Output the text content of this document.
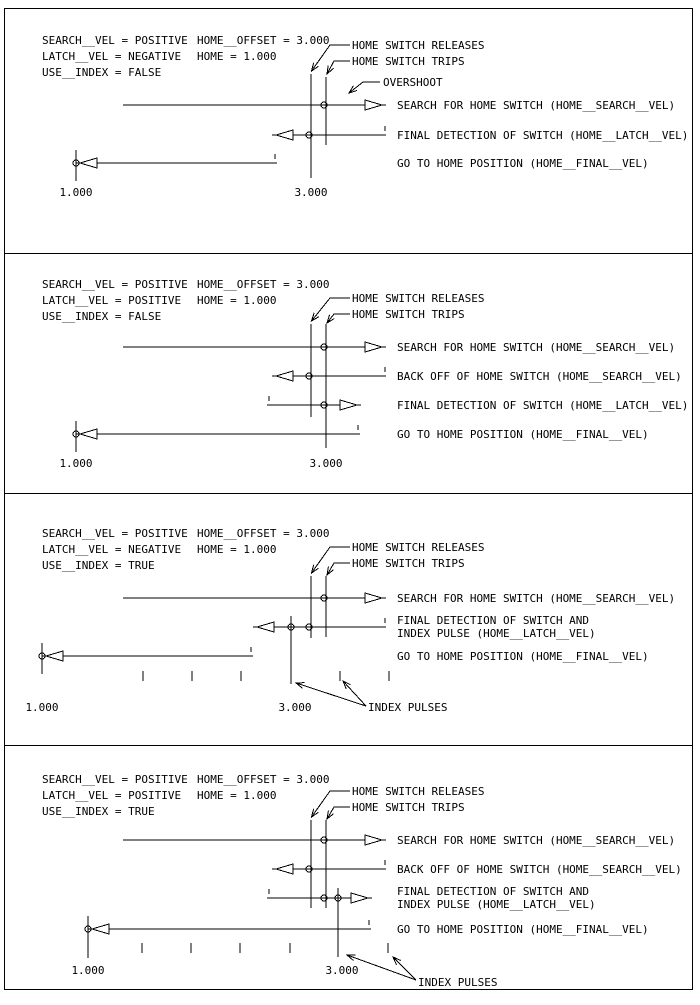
SEARCH__VEL = POSITIVE
LATCH__VEL = NEGATIVE
USE__INDEX = FALSE
HOME__OFFSET = 3.000
HOME = 1.000
HOME SWITCH RELEASES
HOME SWITCH TRIPS
OVERSHOOT
SEARCH FOR HOME SWITCH (HOME__SEARCH__VEL)
FINAL DETECTION OF SWITCH (HOME__LATCH__VEL)
GO TO HOME POSITION (HOME__FINAL__VEL)
1.000	3.000
SEARCH__VEL = POSITIVE
LATCH__VEL = POSITIVE
USE__INDEX = FALSE
HOME__OFFSET = 3.000
HOME = 1.000	HOME SWITCH RELEASES
HOME SWITCH TRIPS
SEARCH FOR HOME SWITCH (HOME__SEARCH__VEL)
BACK OFF OF HOME SWITCH (HOME__SEARCH__VEL)
FINAL DETECTION OF SWITCH (HOME__LATCH__VEL)
GO TO HOME POSITION (HOME__FINAL__VEL)
1.000	3.000
SEARCH__VEL = POSITIVE
LATCH__VEL = NEGATIVE
USE__INDEX = TRUE
HOME__OFFSET = 3.000
HOME = 1.000	HOME SWITCH RELEASES
HOME SWITCH TRIPS
INDEX PULSES
SEARCH FOR HOME SWITCH (HOME__SEARCH__VEL)
FINAL DETECTION OF SWITCH AND
INDEX PULSE (HOME__LATCH__VEL)
GO TO HOME POSITION (HOME__FINAL__VEL)
1.000	3.000
SEARCH__VEL = POSITIVE
LATCH__VEL = POSITIVE
USE__INDEX = TRUE
HOME__OFFSET = 3.000
HOME = 1.000	HOME SWITCH RELEASES
HOME SWITCH TRIPS
INDEX PULSES
SEARCH FOR HOME SWITCH (HOME__SEARCH__VEL)
BACK OFF OF HOME SWITCH (HOME__SEARCH__VEL)
FINAL DETECTION OF SWITCH AND
INDEX PULSE (HOME__LATCH__VEL)
GO TO HOME POSITION (HOME__FINAL__VEL)
1.000	3.000
